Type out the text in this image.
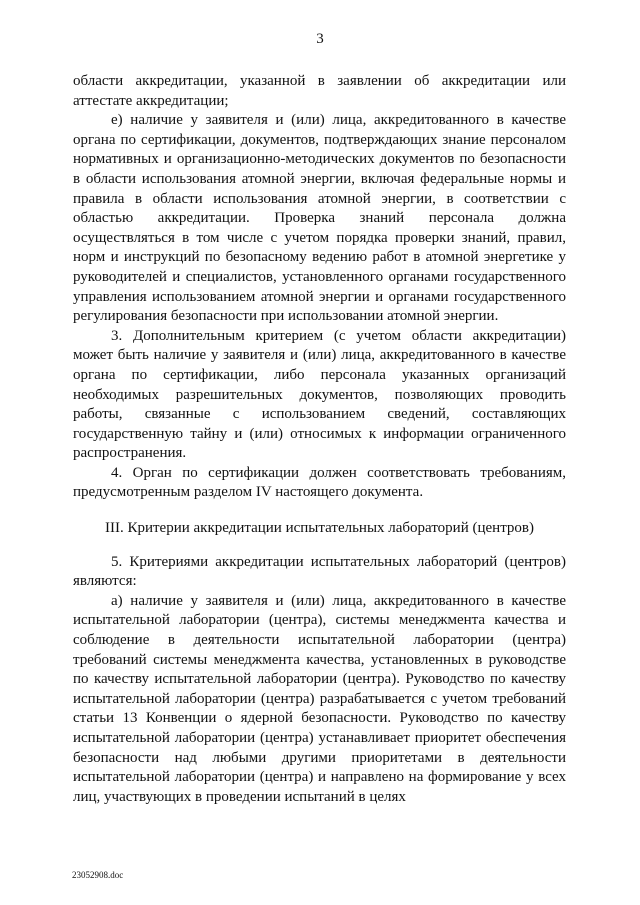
3

области аккредитации, указанной в заявлении об аккредитации или аттестате аккредитации;

е) наличие у заявителя и (или) лица, аккредитованного в качестве органа по сертификации, документов, подтверждающих знание персоналом нормативных и организационно-методических документов по безопасности в области использования атомной энергии, включая федеральные нормы и правила в области использования атомной энергии, в соответствии с областью аккредитации. Проверка знаний персонала должна осуществляться в том числе с учетом порядка проверки знаний, правил, норм и инструкций по безопасному ведению работ в атомной энергетике у руководителей и специалистов, установленного органами государственного управления использованием атомной энергии и органами государственного регулирования безопасности при использовании атомной энергии.

3. Дополнительным критерием (с учетом области аккредитации) может быть наличие у заявителя и (или) лица, аккредитованного в качестве органа по сертификации, либо персонала указанных организаций необходимых разрешительных документов, позволяющих проводить работы, связанные с использованием сведений, составляющих государственную тайну и (или) относимых к информации ограниченного распространения.

4. Орган по сертификации должен соответствовать требованиям, предусмотренным разделом IV настоящего документа.

III. Критерии аккредитации испытательных лабораторий (центров)

5. Критериями аккредитации испытательных лабораторий (центров) являются:

а) наличие у заявителя и (или) лица, аккредитованного в качестве испытательной лаборатории (центра), системы менеджмента качества и соблюдение в деятельности испытательной лаборатории (центра) требований системы менеджмента качества, установленных в руководстве по качеству испытательной лаборатории (центра). Руководство по качеству испытательной лаборатории (центра) разрабатывается с учетом требований статьи 13 Конвенции о ядерной безопасности. Руководство по качеству испытательной лаборатории (центра) устанавливает приоритет обеспечения безопасности над любыми другими приоритетами в деятельности испытательной лаборатории (центра) и направлено на формирование у всех лиц, участвующих в проведении испытаний в целях

23052908.doc
